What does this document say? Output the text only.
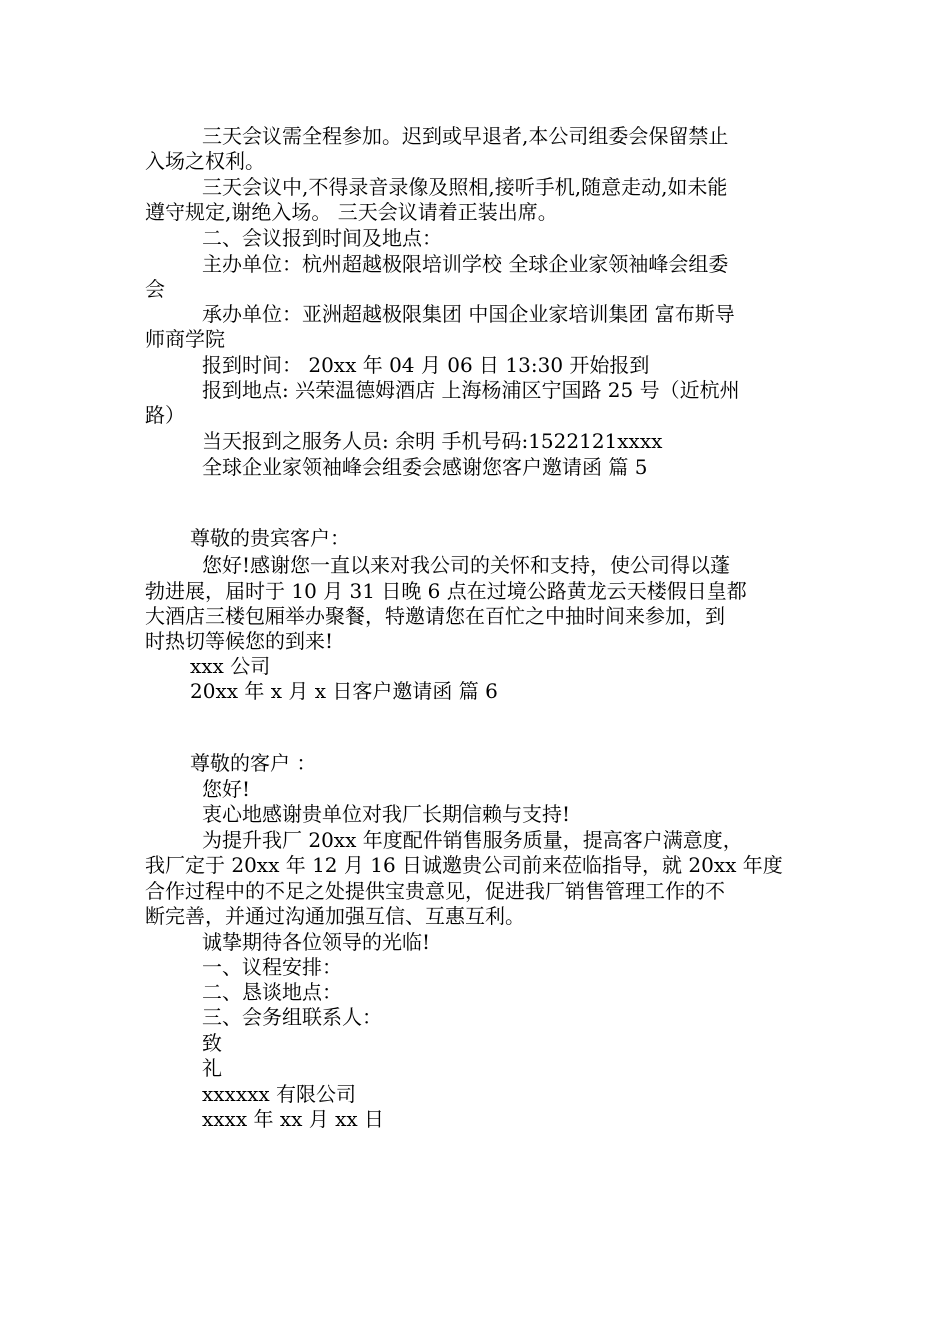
三天会议需全程参加。迟到或早退者,本公司组委会保留禁止
入场之权利。
三天会议中,不得录音录像及照相,接听手机,随意走动,如未能
遵守规定,谢绝入场。 三天会议请着正装出席。
二、会议报到时间及地点：
主办单位：杭州超越极限培训学校 全球企业家领袖峰会组委
会
承办单位：亚洲超越极限集团 中国企业家培训集团 富布斯导
师商学院
报到时间： 20xx 年 04 月 06 日 13:30 开始报到
报到地点: 兴荣温德姆酒店 上海杨浦区宁国路 25 号（近杭州
路）
当天报到之服务人员: 余明 手机号码:1522121xxxx
全球企业家领袖峰会组委会感谢您客户邀请函 篇 5
尊敬的贵宾客户：
您好!感谢您一直以来对我公司的关怀和支持，使公司得以蓬
勃进展，届时于 10 月 31 日晚 6 点在过境公路黄龙云天楼假日皇都
大酒店三楼包厢举办聚餐，特邀请您在百忙之中抽时间来参加，到
时热切等候您的到来!
xxx 公司
20xx 年 x 月 x 日客户邀请函 篇 6
尊敬的客户 ：
您好!
衷心地感谢贵单位对我厂长期信赖与支持!
为提升我厂 20xx 年度配件销售服务质量，提高客户满意度，
我厂定于 20xx 年 12 月 16 日诚邀贵公司前来莅临指导，就 20xx 年度
合作过程中的不足之处提供宝贵意见，促进我厂销售管理工作的不
断完善，并通过沟通加强互信、互惠互利。
诚挚期待各位领导的光临!
一、议程安排：
二、恳谈地点：
三、会务组联系人：
致
礼
xxxxxx 有限公司
xxxx 年 xx 月 xx 日
